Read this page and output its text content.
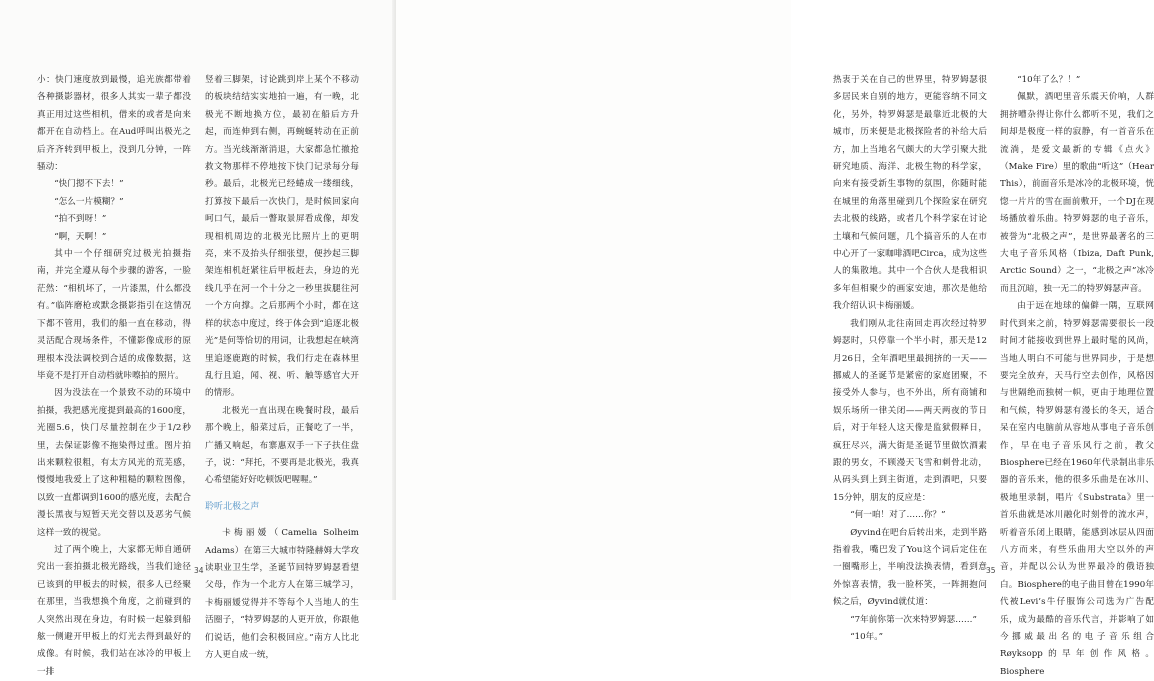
小：快门速度放到最慢，追光族都带着各种摄影器材，很多人其实一辈子都没真正用过这些相机，借来的或者是向来都开在自动档上。在Aud呼叫出极光之后齐齐转到甲板上，没到几分钟，一阵骚动：

“快门摁不下去！”

“怎么一片模糊？”

“拍不到呀！”

“啊，天啊！”

其中一个仔细研究过极光拍摄指南，并完全遵从每个步骤的游客，一脸茫然：“相机坏了，一片漆黑，什么都没有。”临阵磨枪或默念摄影指引在这情况下都不管用，我们的船一直在移动，得灵活配合现场条件，不懂影像成形的原理根本没法调校到合适的成像数据，这毕竟不是打开自动档就咔嚓拍的照片。

因为没法在一个景致不动的环境中拍摄，我把感光度提到最高的1600度，光圈5.6，快门尽量控制在少于1/2秒里，去保证影像不拖染得过重。图片拍出来颗粒很粗，有太方风光的荒芜感，慢慢地我爱上了这种粗糙的颗粒图像，以致一直都调到1600的感光度，去配合漫长黑夜与短暂天光交替以及恶劣气候这样一致的视觉。

过了两个晚上，大家都无师自通研究出一套拍摄北极光路线，当我们途径已该到的甲板去的时候，很多人已经聚在那里，当我想换个角度，之前碰到的人突然出现在身边，有时候一起躲到船舷一侧避开甲板上的灯光去得到最好的成像。有时候，我们站在冰冷的甲板上一排

竖着三脚架，讨论跳到岸上某个不移动的板块结结实实地拍一遍，有一晚，北极光不断地换方位，最初在船后方升起，而连伸到右侧，再蜿蜒转动在正前方。当光线渐渐消退，大家都急忙撤抢救文物那样不停地按下快门记录每分每秒。最后，北极光已经蜷成一缕细线，打算按下最后一次快门，是时候回家向呵口气，最后一瞥取景屏看成像，却发现相机周边的北极光比照片上的更明亮，来不及抬头仔细张望，便抄起三脚架连相机赶紧往后甲板赶去，身边的光线几乎在河一个十分之一秒里拔腿往河一个方向撑。之后那两个小时，都在这样的状态中度过，终于体会到“追逐北极光”是何等恰切的用词，让我想起在峡湾里追逐鹿跑的时候，我们行走在森林里乱行且追，闻、视、听、触等感官大开的情形。

北极光一直出现在晚餐时段，最后那个晚上，船菜过后，正餐吃了一半，广播又响起，布寨惠双手一下子扶住盘子，说：“拜托，不要再是北极光，我真心希望能好好吃顿饭吧喔喔。”

聆听北极之声

卡梅丽媛（Camelia Solheim Adams）在第三大城市特隆赫姆大学攻读职业卫生学，圣诞节回特罗姆瑟看望父母，作为一个北方人在第三城学习，卡梅丽媛觉得并不等每个人当地人的生活圈子，“特罗姆瑟的人更开放，你跟他们说话，他们会积极回应。”南方人比北方人更自成一统，

34

热衷于关在自己的世界里，特罗姆瑟很多居民来自别的地方，更能容纳不同文化，另外，特罗姆瑟是最靠近北极的大城市，历来便是北极探险者的补给大后方，加上当地名气颇大的大学引聚大批研究地质、海洋、北极生物的科学家，向来有接受新生事物的氛围，你随时能在城里的角落里碰到几个探险家在研究去北极的线路，或者几个科学家在讨论土壤和气候问题，几个搞音乐的人在市中心开了一家咖啡酒吧Circa，成为这些人的集散地。其中一个合伙人是我相识多年但相聚少的画家安迪，那次是他给我介绍认识卡梅丽媛。

我们刚从北往南回走再次经过特罗姆瑟时，只停靠一个半小时，那天是12月26日，全年酒吧里最拥挤的一天——挪威人的圣诞节是紧密的家庭团聚，不接受外人参与，也不外出，所有商铺和娱乐场所一律关闭——两天两夜的节日后，对于年轻人这天像是监狱假释日，疯狂尽兴，满大街是圣诞节里做饮酒素跟的男女，不顾漫天飞雪和刺骨北动，从码头到上到主街道，走到酒吧，只要15分钟，朋友的反应是：

“何一咱！对了……你？”

Øyvind在吧台后转出来，走到半路指着我，嘴巴发了You这个词后定住在一圈嘴形上，半响没法换表情，看到意外惊喜表情，我一脸杯笑，一阵拥抱问候之后，Øyvind就仗道：

“7年前你第一次来特罗姆瑟……”

“10年。”

“10年了么？！”

佩默，酒吧里音乐震天价响，人群拥挤嘈杂得让你什么都听不见，我们之间却是极度一样的寂静，有一首音乐在流淌，是爱文最新的专辑《点火》（Make Fire）里的歌曲“听这”（Hear This），前面音乐是冰冷的北极环境，恍惚一片片的雪在面前敷开，一个DJ在现场播放着乐曲。特罗姆瑟的电子音乐，被誉为“北极之声”，是世界最著名的三大电子音乐风格（Ibiza, Daft Punk, Arctic Sound）之一，“北极之声”冰冷而且沉暗，独一无二的特罗姆瑟声音。

由于远在地球的偏僻一隅，互联网时代到来之前，特罗姆瑟需要很长一段时间才能接收到世界上最时髦的风尚，当地人明白不可能与世界同步，于是想要完全放弃，天马行空去创作，风格因与世隔绝而独树一帜，更由于地理位置和气候，特罗姆瑟有漫长的冬天，适合呆在室内电脑前从容地从事电子音乐创作，早在电子音乐风行之前，教父Biosphere已经在1960年代录制出非乐器的音乐来，他的很多乐曲是在冰川、极地里录制，唱片《Substrata》里一首乐曲就是冰川融化时刻骨的流水声，听着音乐闭上眼睛，能感到冰层从四面八方而来，有些乐曲用大空以外的声音，并配以公认为世界最冷的俄语独白。Biosphere的电子曲目曾在1990年代被Levi’s牛仔服饰公司选为广告配乐，成为最酷的音乐代言，并影响了如今挪威最出名的电子音乐组合Røyksopp的早年创作风格。Biosphere

35
